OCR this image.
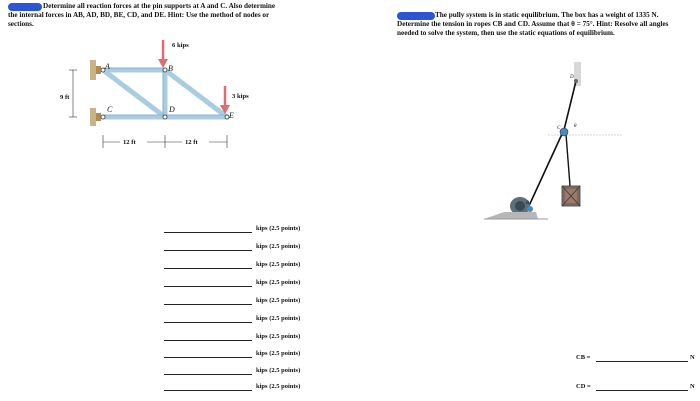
Determine all reaction forces at the pin supports at A and C. Also determine
the internal forces in AB, AD, BD, BE, CD, and DE. Hint: Use the method of nodes or
sections.
6 kips
3 kips
A	B
C	D
E
9 ft
12 ft	12 ft
kips (2.5 points)
kips (2.5 points)
kips (2.5 points)
kips (2.5 points)
kips (2.5 points)
kips (2.5 points)
kips (2.5 points)
kips (2.5 points)
kips (2.5 points)
kips (2.5 points)
The pully system is in static equilibrium. The box has a weight of 1335 N.
Determine the tension in ropes CB and CD. Assume that θ = 75°. Hint: Resolve all angles
needed to solve the system, then use the static equations of equilibrium.
D
C
B
θ
CB =	N
CD =	N
